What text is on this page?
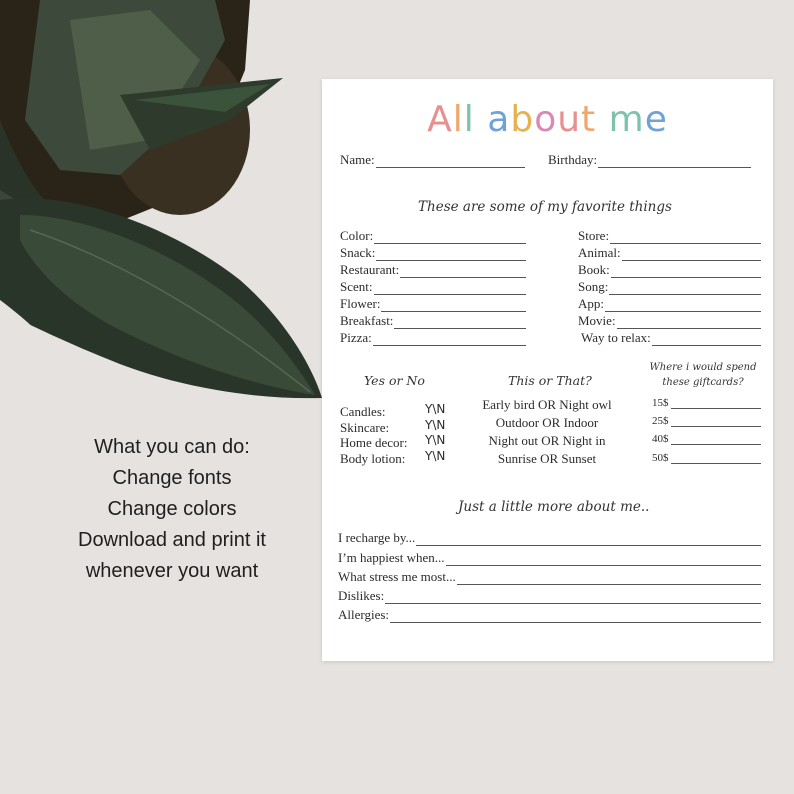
What you can do:
Change fonts
Change colors
Download and print it
whenever you want
All about me
Name:	Birthday:
These are some of my favorite things
Color:
Snack:
Restaurant:
Scent:
Flower:
Breakfast:
Pizza:
Store:
Animal:
Book:
Song:
App:
Movie:
Way to relax:
Yes or No
Candles:
Skincare:
Home decor:
Body lotion:
Y\N
Y\N
Y\N
Y\N
This or That?
Early bird OR Night owl
Outdoor OR Indoor
Night out OR Night in
Sunrise OR Sunset
Where i would spend
these giftcards?
15$
25$
40$
50$
Just a little more about me..
I recharge by...
I’m happiest when...
What stress me most...
Dislikes:
Allergies:
